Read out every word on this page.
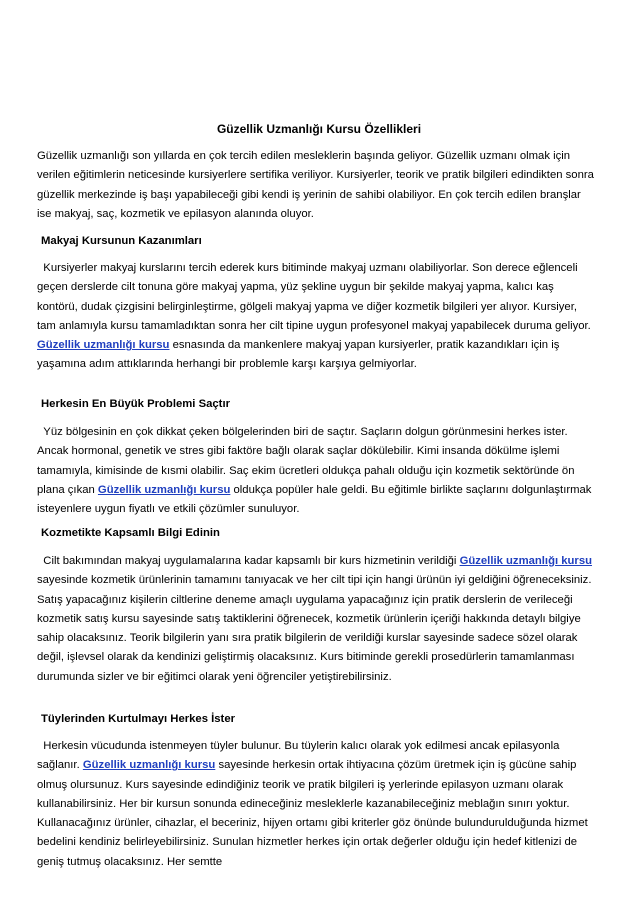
Güzellik Uzmanlığı Kursu Özellikleri

Güzellik uzmanlığı son yıllarda en çok tercih edilen mesleklerin başında geliyor. Güzellik uzmanı olmak için verilen eğitimlerin neticesinde kursiyerlere sertifika veriliyor. Kursiyerler, teorik ve pratik bilgileri edindikten sonra güzellik merkezinde iş başı yapabileceği gibi kendi iş yerinin de sahibi olabiliyor. En çok tercih edilen branşlar ise makyaj, saç, kozmetik ve epilasyon alanında oluyor.

Makyaj Kursunun Kazanımları

Kursiyerler makyaj kurslarını tercih ederek kurs bitiminde makyaj uzmanı olabiliyorlar. Son derece eğlenceli geçen derslerde cilt tonuna göre makyaj yapma, yüz şekline uygun bir şekilde makyaj yapma, kalıcı kaş kontörü, dudak çizgisini belirginleştirme, gölgeli makyaj yapma ve diğer kozmetik bilgileri yer alıyor. Kursiyer, tam anlamıyla kursu tamamladıktan sonra her cilt tipine uygun profesyonel makyaj yapabilecek duruma geliyor. Güzellik uzmanlığı kursu esnasında da mankenlere makyaj yapan kursiyerler, pratik kazandıkları için iş yaşamına adım attıklarında herhangi bir problemle karşı karşıya gelmiyorlar.

Herkesin En Büyük Problemi Saçtır

Yüz bölgesinin en çok dikkat çeken bölgelerinden biri de saçtır. Saçların dolgun görünmesini herkes ister. Ancak hormonal, genetik ve stres gibi faktöre bağlı olarak saçlar dökülebilir. Kimi insanda dökülme işlemi tamamıyla, kimisinde de kısmi olabilir. Saç ekim ücretleri oldukça pahalı olduğu için kozmetik sektöründe ön plana çıkan Güzellik uzmanlığı kursu oldukça popüler hale geldi. Bu eğitimle birlikte saçlarını dolgunlaştırmak isteyenlere uygun fiyatlı ve etkili çözümler sunuluyor.

Kozmetikte Kapsamlı Bilgi Edinin

Cilt bakımından makyaj uygulamalarına kadar kapsamlı bir kurs hizmetinin verildiği Güzellik uzmanlığı kursu sayesinde kozmetik ürünlerinin tamamını tanıyacak ve her cilt tipi için hangi ürünün iyi geldiğini öğreneceksiniz. Satış yapacağınız kişilerin ciltlerine deneme amaçlı uygulama yapacağınız için pratik derslerin de verileceği kozmetik satış kursu sayesinde satış taktiklerini öğrenecek, kozmetik ürünlerin içeriği hakkında detaylı bilgiye sahip olacaksınız. Teorik bilgilerin yanı sıra pratik bilgilerin de verildiği kurslar sayesinde sadece sözel olarak değil, işlevsel olarak da kendinizi geliştirmiş olacaksınız. Kurs bitiminde gerekli prosedürlerin tamamlanması durumunda sizler ve bir eğitimci olarak yeni öğrenciler yetiştirebilirsiniz.

Tüylerinden Kurtulmayı Herkes İster

Herkesin vücudunda istenmeyen tüyler bulunur. Bu tüylerin kalıcı olarak yok edilmesi ancak epilasyonla sağlanır. Güzellik uzmanlığı kursu sayesinde herkesin ortak ihtiyacına çözüm üretmek için iş gücüne sahip olmuş olursunuz. Kurs sayesinde edindiğiniz teorik ve pratik bilgileri iş yerlerinde epilasyon uzmanı olarak kullanabilirsiniz. Her bir kursun sonunda edineceğiniz mesleklerle kazanabileceğiniz meblağın sınırı yoktur. Kullanacağınız ürünler, cihazlar, el beceriniz, hijyen ortamı gibi kriterler göz önünde bulundurulduğunda hizmet bedelini kendiniz belirleyebilirsiniz. Sunulan hizmetler herkes için ortak değerler olduğu için hedef kitlenizi de geniş tutmuş olacaksınız. Her semtte
